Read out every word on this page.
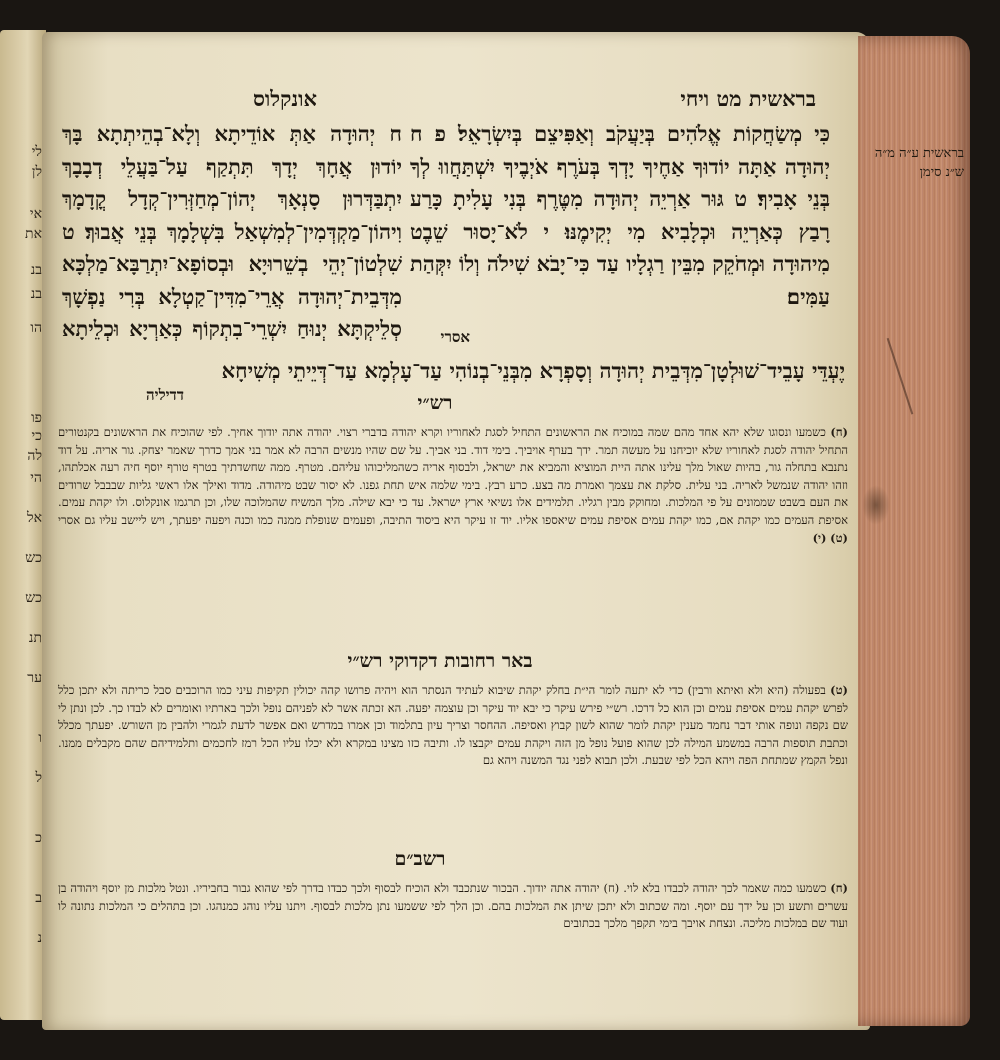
לי
לן
אי
את
בנ
בנ
הו
פו
כי
לה
הי
אל
כש
כש
תנ
ער
ו
ל
כ
ב
נ
בראשית מט ויחי
אונקלוס
כִּי מְשַׂחֲקוֹת אֱלֹהִים בְּיַעֲקֹב וְאַפִּיצֵם בְּיִשְׂרָאֵל׃ פ ח יְהוּדָה אַתָּה יוֹדוּךָ אַחֶיךָ יָדְךָ בְּעֹרֶף אֹיְבֶיךָ יִשְׁתַּחֲווּ לְךָ בְּנֵי אָבִיךָ׃ ט גּוּר אַרְיֵה יְהוּדָה מִטֶּרֶף בְּנִי עָלִיתָ כָּרַע רָבַץ כְּאַרְיֵה וּכְלָבִיא מִי יְקִימֶנּוּ׃ י לֹא־יָסוּר שֵׁבֶט מִיהוּדָה וּמְחֹקֵק מִבֵּין רַגְלָיו עַד כִּי־יָבֹא שִׁילֹה וְלוֹ יִקְּהַת עַמִּים׃
ח יְהוּדָה אַתְּ אוֹדֵיתָא וְלָא־בְהֵיתְתָא בָּךְ יוֹדוּן אֲחָךְ יְדָךְ תִּתְקַף עַל־בַּעֲלֵי דְבָבָךְ יִתְבַּדְּרוּן סָנְאָךְ יְהוֹן־מְחַזְּרִין־קְדָל קֳדָמָךְ וִיהוֹן־מַקְדְּמִין־לְמִשְׁאַל בִּשְׁלָמָךְ בְּנֵי אֲבוּךְ׃ ט שִׁלְטוֹן־יְהֵי בְשֵׁרוּיָא וּבְסוֹפָא־יִתְרַבָּא־מַלְכָּא מִדְּבֵית־יְהוּדָה אֲרֵי־מִדִּין־קַטְלָא בְּרִי נַפְשָׁךְ סְלֵיקְתָּא יְנוּחַ יִשְׁרֵי־בִתְקוֹף כְּאַרְיָא וּכְלֵיתָא
בראשית ע״ה מ״ה ש״נ סימן
אסרי
יֶעְדֵּי עָבֵיד־שׁוּלְטָן־מִדְּבֵית יְהוּדָה וְסָפְרָא מִבְּנֵי־בְנוֹהִי עַד־עָלְמָא עַד־דְּיֵיתֵי מְשִׁיחָא
דדיליה	רש״י
(ח) כשמעו ונסוגו שלא יהא אחד מהם שמה במוכיח את הראשונים התחיל לסגת לאחוריו וקרא יהודה בדברי רצוי. יהודה אתה יודוך אחיך. לפי שהוכיח את הראשונים בקנטורים התחיל יהודה לסגת לאחוריו שלא יוכיחנו על מעשה תמר. ידך בערף אויביך. בימי דוד. בני אביך. על שם שהיו מנשים הרבה לא אמר בני אמך כדרך שאמר יצחק. גור אריה. על דוד נתנבא בתחלה גור, בהיות שאול מלך עלינו אתה היית המוציא והמביא את ישראל, ולבסוף אריה כשהמליכוהו עליהם. מטרף. ממה שחשדתיך בטרף טורף יוסף חיה רעה אכלתהו, וזהו יהודה שנמשל לאריה. בני עלית. סלקת את עצמך ואמרת מה בצע. כרע רבץ. בימי שלמה איש תחת גפנו. לא יסור שבט מיהודה. מדוד ואילך אלו ראשי גליות שבבבל שרודים את העם בשבט שממונים על פי המלכות. ומחוקק מבין רגליו. תלמידים אלו נשיאי ארץ ישראל. עד כי יבא שילה. מלך המשיח שהמלוכה שלו, וכן תרגמו אונקלוס. ולו יקהת עמים. אסיפת העמים כמו יקהת אם, כמו יקהת עמים אסיפת עמים שיאספו אליו. יוד זו עיקר היא ביסוד התיבה, ופעמים שנופלת ממנה כמו וכנה ויפעה יפעתך, ויש ליישב עליו גם אסרי (ט) (י)
באר רחובות דקדוקי רש״י
(ט) בפעולה (היא ולא ואיתא ורבין) כדי לא יתעה לומר הי״ת בחלק יקהת שיבוא לעתיד הנסתר הוא ויהיה פרושו קהה יכולין תקיפות עיני כמו הרוכבים סבל כריתה ולא יתכן כלל לפרש יקהת עמים אסיפת עמים וכן הוא כל דרכו. רש״י פירש עיקר כי יבא יוד עיקר וכן עוצמה יפעה. הא זכתה אשר לא לפניהם נופל ולכך בארתיו ואומרים לא לבדו כך. לכן ונתן לי שם נקפה ונופה אותי דבר נחמד מענין יקהת לומר שהוא לשון קבוץ ואסיפה. ההחסר וצריך עיון בתלמוד וכן אמרו במדרש ואם אפשר לדעת לגמרי ולהבין מן השורש. יפעתך מכלל וכתבת תוספות הרבה במשמע המילה לכן שהוא פועל נופל מן הזה ויקהת עמים יקבצו לו. ותיבה כזו מצינו במקרא ולא יכלו עליו הכל רמז לחכמים ותלמידיהם שהם מקבלים ממנו. ונפל הקמץ שמתחת הפה ויהא הכל לפי שבעת. ולכן תבוא לפני נגד המשנה ויהא גם
רשב״ם
(ח) כשמעו כמה שאמר לכך יהודה לכבדו בלא לוי. (ח) יהודה אתה יודוך. הבכור שנתכבד ולא הוכיח לבסוף ולכך כבדו בדרך לפי שהוא גבור בחביריו. ונטל מלכות מן יוסף ויהודה בן עשרים ותשע וכן על ידך עם יוסף. ומה שכתוב ולא יתכן שיתן את המלכות בהם. וכן הלך לפי ששמעו נתן מלכות לבסוף. ויתנו עליו נוהג כמנהגו. וכן בתהלים כי המלכות נתונה לו ועוד שם במלכות מליכה. ונצחת אויבך בימי תקפך מלכך בכתובים
